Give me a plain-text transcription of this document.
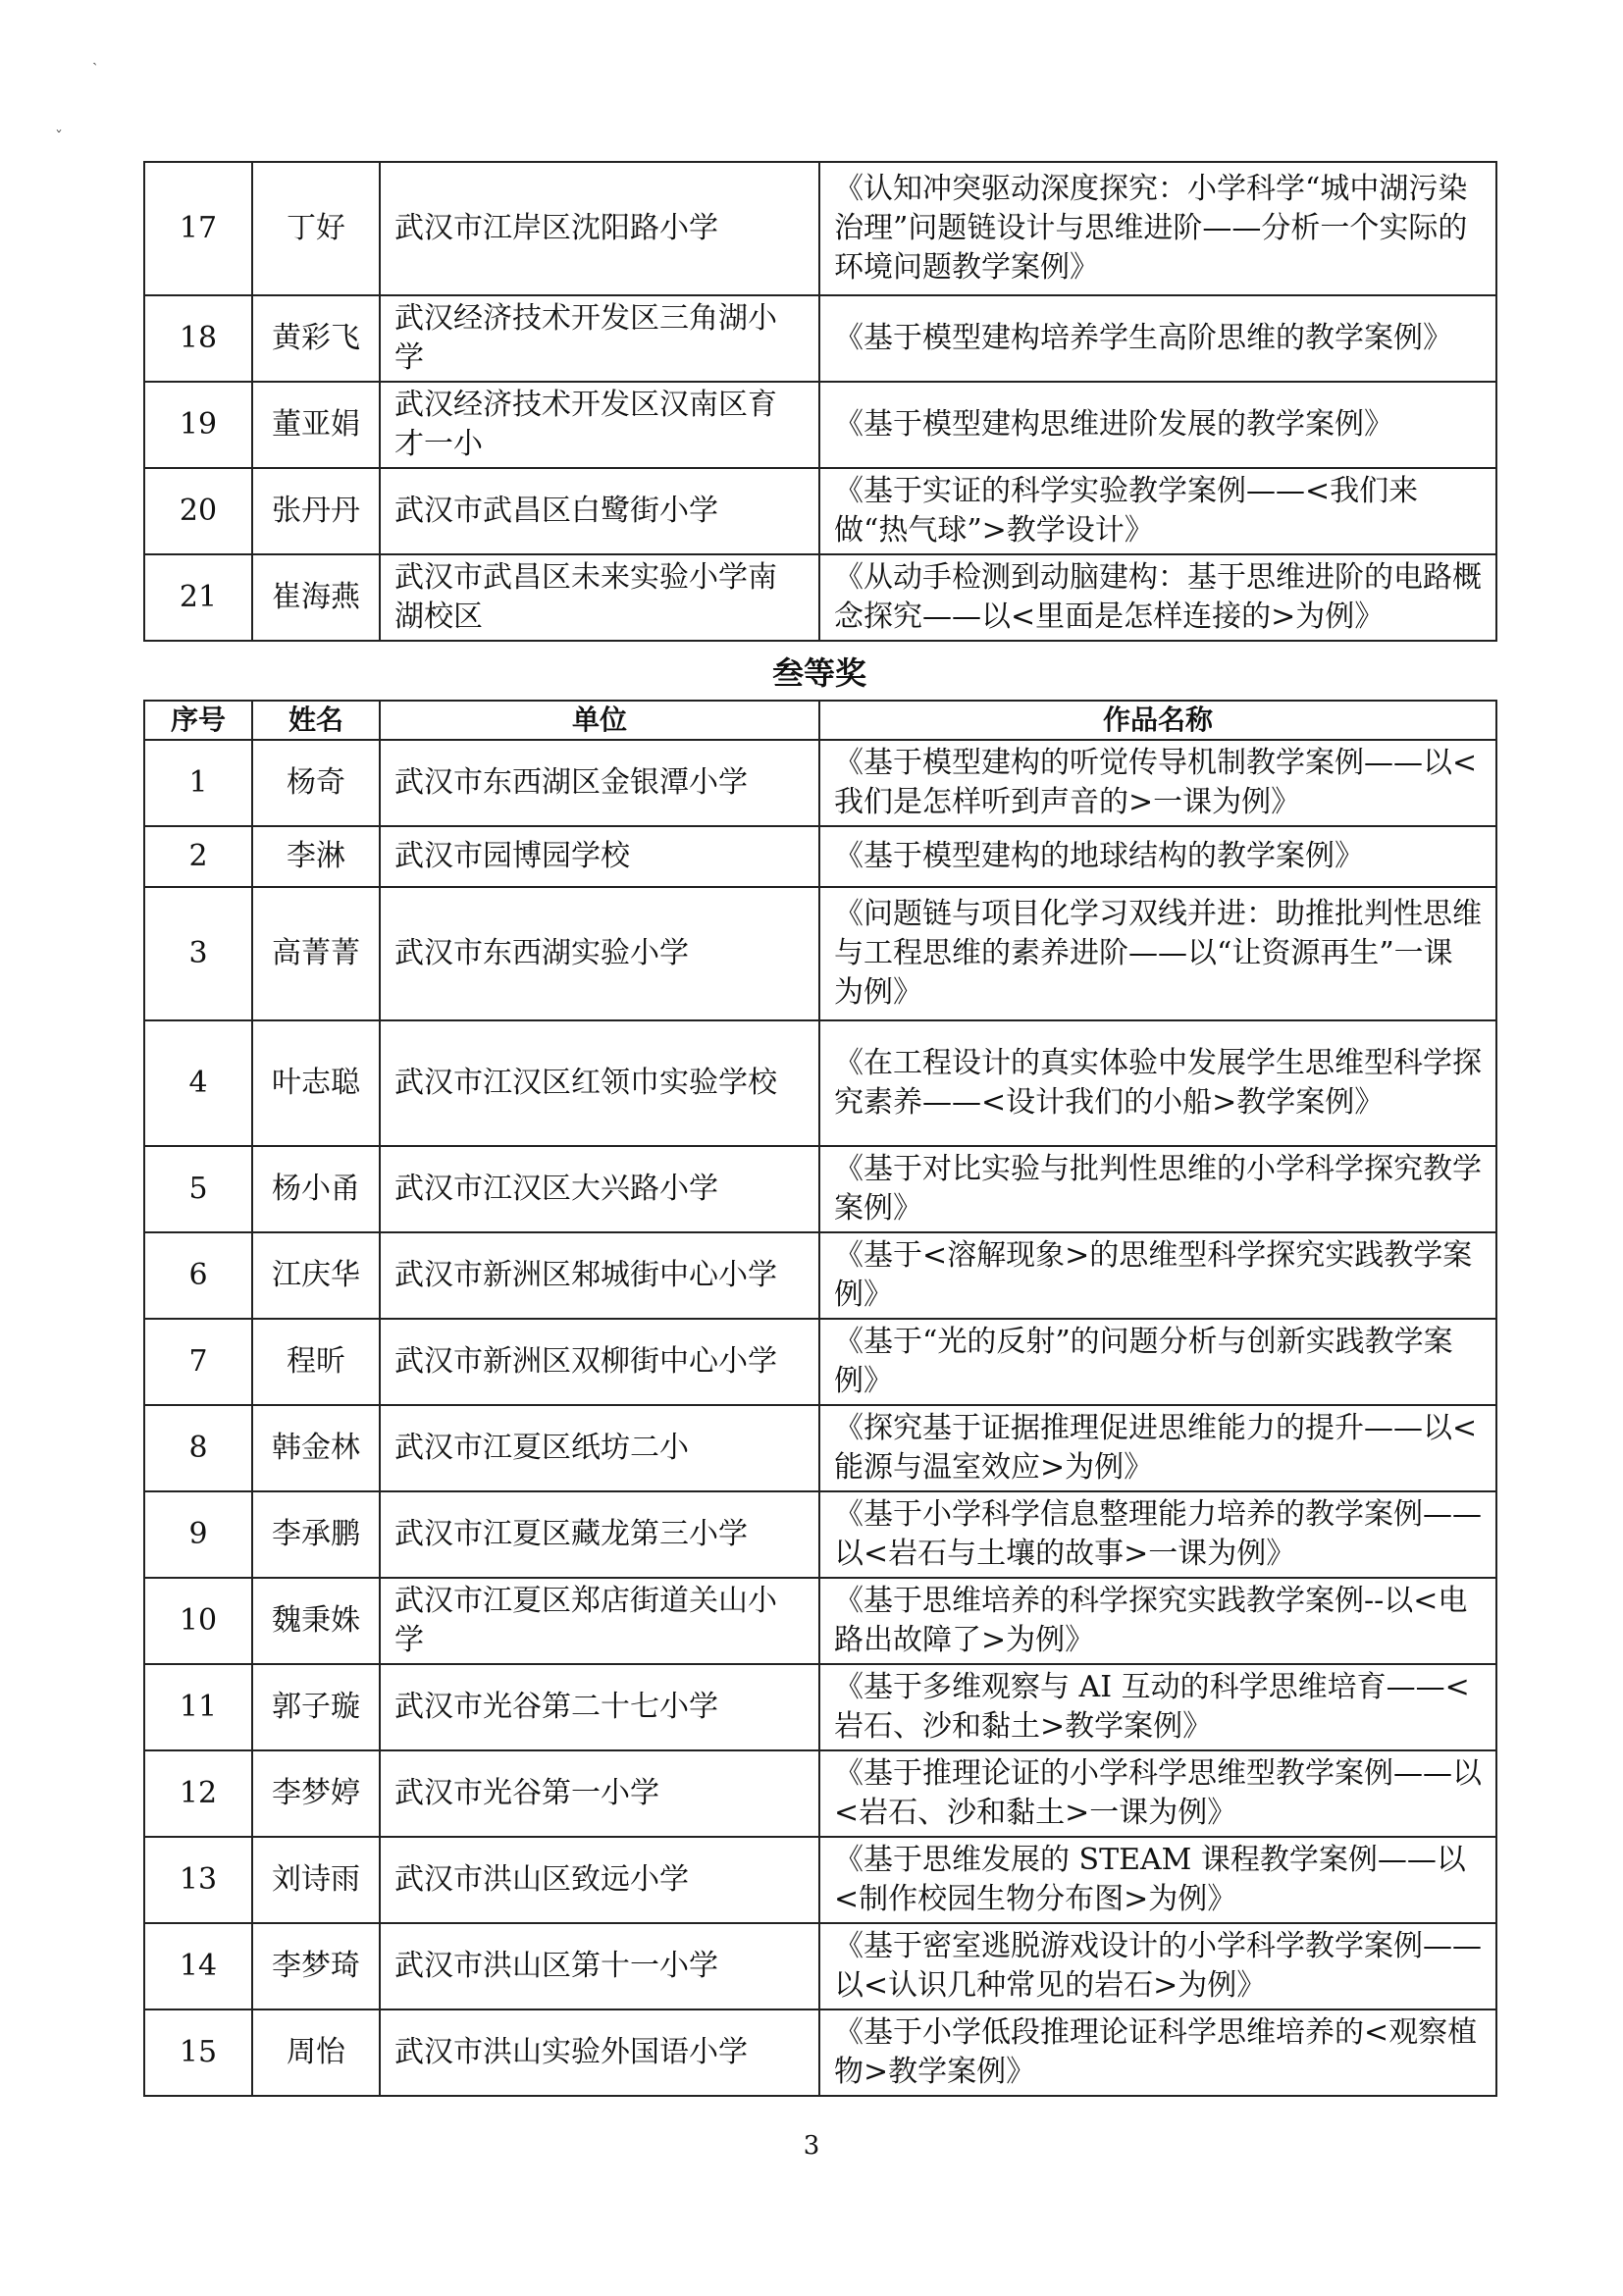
ˎ
ˇ
17	丁好	武汉市江岸区沈阳路小学	《认知冲突驱动深度探究：小学科学“城中湖污染治理”问题链设计与思维进阶——分析一个实际的环境问题教学案例》
18	黄彩飞	武汉经济技术开发区三角湖小学	《基于模型建构培养学生高阶思维的教学案例》
19	董亚娟	武汉经济技术开发区汉南区育才一小	《基于模型建构思维进阶发展的教学案例》
20	张丹丹	武汉市武昌区白鹭街小学	《基于实证的科学实验教学案例——<我们来做“热气球”>教学设计》
21	崔海燕	武汉市武昌区未来实验小学南湖校区	《从动手检测到动脑建构：基于思维进阶的电路概念探究——以<里面是怎样连接的>为例》
叁等奖
序号	姓名	单位	作品名称
1	杨奇	武汉市东西湖区金银潭小学	《基于模型建构的听觉传导机制教学案例——以<我们是怎样听到声音的>一课为例》
2	李淋	武汉市园博园学校	《基于模型建构的地球结构的教学案例》
3	高菁菁	武汉市东西湖实验小学	《问题链与项目化学习双线并进：助推批判性思维与工程思维的素养进阶——以“让资源再生”一课为例》
4	叶志聪	武汉市江汉区红领巾实验学校	《在工程设计的真实体验中发展学生思维型科学探究素养——<设计我们的小船>教学案例》
5	杨小甬	武汉市江汉区大兴路小学	《基于对比实验与批判性思维的小学科学探究教学案例》
6	江庆华	武汉市新洲区邾城街中心小学	《基于<溶解现象>的思维型科学探究实践教学案例》
7	程昕	武汉市新洲区双柳街中心小学	《基于“光的反射”的问题分析与创新实践教学案例》
8	韩金林	武汉市江夏区纸坊二小	《探究基于证据推理促进思维能力的提升——以<能源与温室效应>为例》
9	李承鹏	武汉市江夏区藏龙第三小学	《基于小学科学信息整理能力培养的教学案例——以<岩石与土壤的故事>一课为例》
10	魏秉姝	武汉市江夏区郑店街道关山小学	《基于思维培养的科学探究实践教学案例--以<电路出故障了>为例》
11	郭子璇	武汉市光谷第二十七小学	《基于多维观察与 AI 互动的科学思维培育——<岩石、沙和黏土>教学案例》
12	李梦婷	武汉市光谷第一小学	《基于推理论证的小学科学思维型教学案例——以<岩石、沙和黏土>一课为例》
13	刘诗雨	武汉市洪山区致远小学	《基于思维发展的 STEAM 课程教学案例——以<制作校园生物分布图>为例》
14	李梦琦	武汉市洪山区第十一小学	《基于密室逃脱游戏设计的小学科学教学案例——以<认识几种常见的岩石>为例》
15	周怡	武汉市洪山实验外国语小学	《基于小学低段推理论证科学思维培养的<观察植物>教学案例》
3
